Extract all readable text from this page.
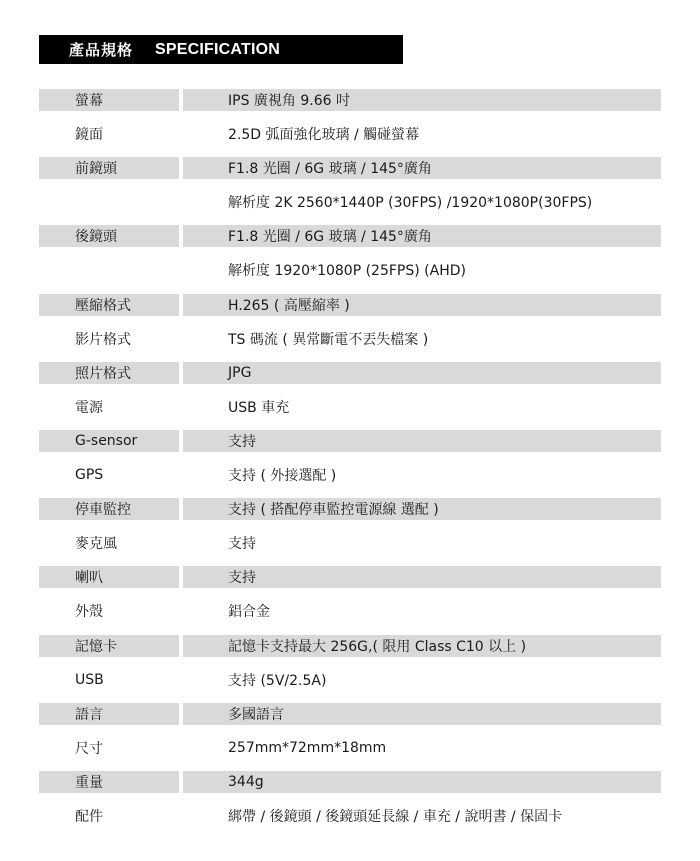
產品規格 SPECIFICATION
螢幕	IPS 廣視角 9.66 吋
鏡面	2.5D 弧面強化玻璃 / 觸碰螢幕
前鏡頭	F1.8 光圈 / 6G 玻璃 / 145°廣角
解析度 2K 2560*1440P (30FPS) /1920*1080P(30FPS)
後鏡頭	F1.8 光圈 / 6G 玻璃 / 145°廣角
解析度 1920*1080P (25FPS) (AHD)
壓縮格式	H.265 ( 高壓縮率 )
影片格式	TS 碼流 ( 異常斷電不丟失檔案 )
照片格式	JPG
電源	USB 車充
G-sensor	支持
GPS	支持 ( 外接選配 )
停車監控	支持 ( 搭配停車監控電源線 選配 )
麥克風	支持
喇叭	支持
外殼	鋁合金
記憶卡	記憶卡支持最大 256G,( 限用 Class C10 以上 )
USB	支持 (5V/2.5A)
語言	多國語言
尺寸	257mm*72mm*18mm
重量	344g
配件	綁帶 / 後鏡頭 / 後鏡頭延長線 / 車充 / 說明書 / 保固卡
